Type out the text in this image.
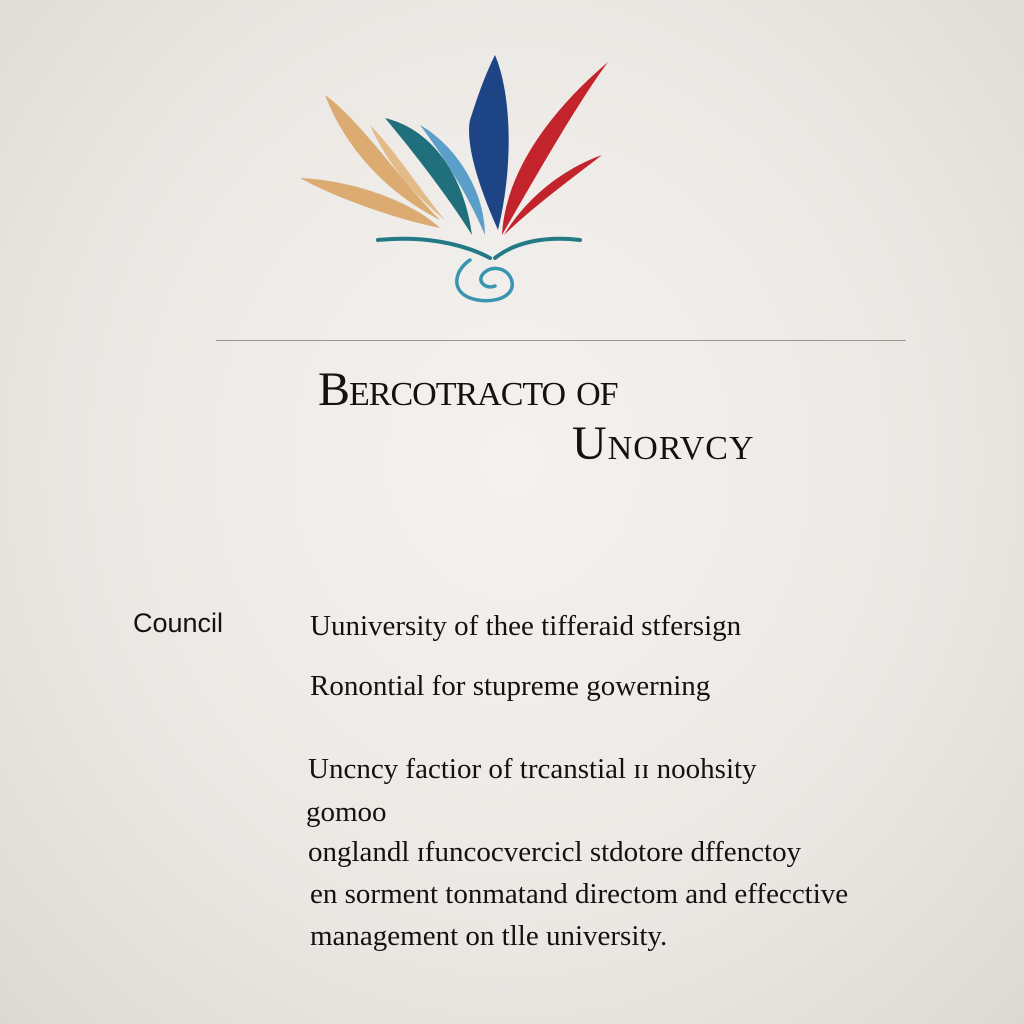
Bercotracto of
Unorvcy
Council	Uuniversity of thee tifferaid stfersign
Ronontial for stupreme gowerning
Uncncy factior of trcanstial ɪɪ noohsity
gomoo
onglandl ɪfuncocvercicl stdotore dffenctoy
en sorment tonmatand directom and effecctive
management on tlle university.
